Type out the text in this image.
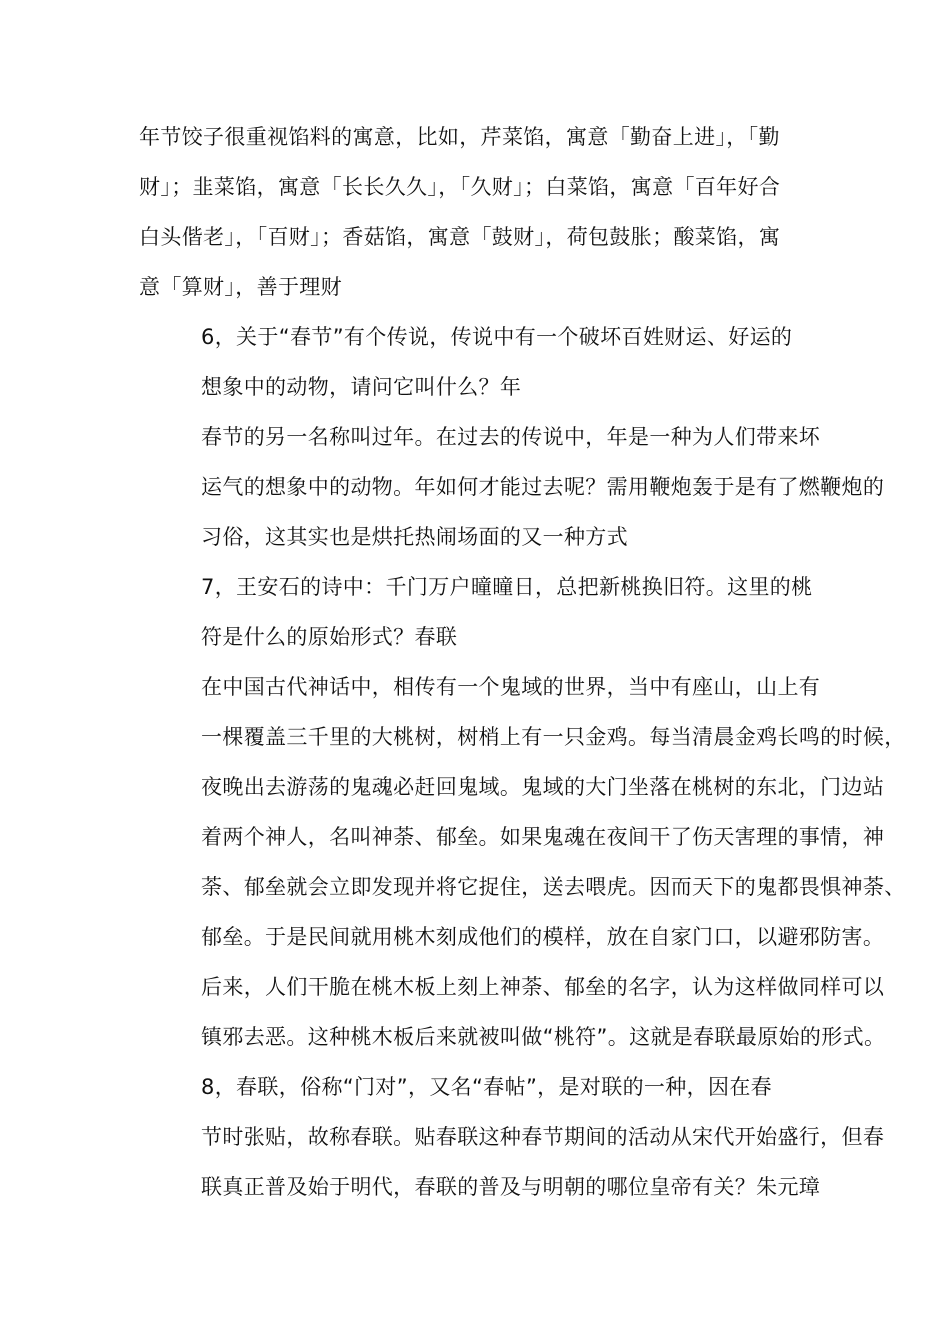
年节饺子很重视馅料的寓意，比如，芹菜馅，寓意「勤奋上进」，「勤
财」；韭菜馅，寓意「长长久久」，「久财」；白菜馅，寓意「百年好合
白头偕老」，「百财」；香菇馅，寓意「鼓财」，荷包鼓胀；酸菜馅，寓
意「算财」，善于理财

6，关于“春节”有个传说，传说中有一个破坏百姓财运、好运的
想象中的动物，请问它叫什么？年

春节的另一名称叫过年。在过去的传说中，年是一种为人们带来坏
运气的想象中的动物。年如何才能过去呢？需用鞭炮轰于是有了燃鞭炮的
习俗，这其实也是烘托热闹场面的又一种方式

7，王安石的诗中：千门万户曈曈日，总把新桃换旧符。这里的桃
符是什么的原始形式？春联

在中国古代神话中，相传有一个鬼域的世界，当中有座山，山上有
一棵覆盖三千里的大桃树，树梢上有一只金鸡。每当清晨金鸡长鸣的时候，
夜晚出去游荡的鬼魂必赶回鬼域。鬼域的大门坐落在桃树的东北，门边站
着两个神人，名叫神荼、郁垒。如果鬼魂在夜间干了伤天害理的事情，神
荼、郁垒就会立即发现并将它捉住，送去喂虎。因而天下的鬼都畏惧神荼、
郁垒。于是民间就用桃木刻成他们的模样，放在自家门口，以避邪防害。
后来，人们干脆在桃木板上刻上神荼、郁垒的名字，认为这样做同样可以
镇邪去恶。这种桃木板后来就被叫做“桃符”。这就是春联最原始的形式。

8，春联，俗称“门对”，又名“春帖”，是对联的一种，因在春
节时张贴，故称春联。贴春联这种春节期间的活动从宋代开始盛行，但春
联真正普及始于明代，春联的普及与明朝的哪位皇帝有关？朱元璋
